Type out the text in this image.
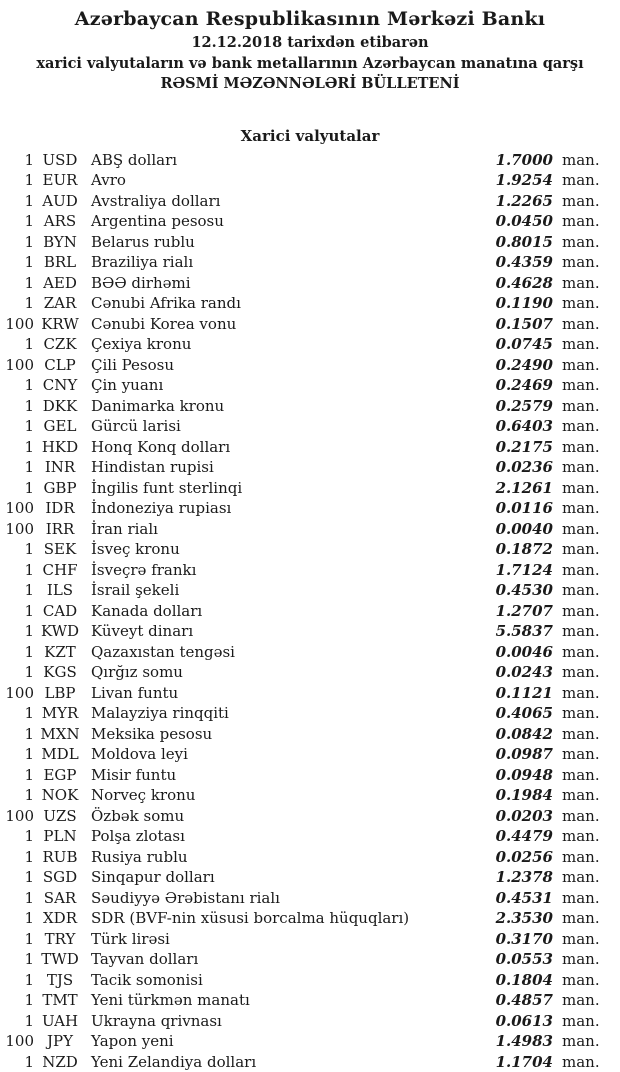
Azərbaycan Respublikasının Mərkəzi Bankı
12.12.2018 tarixdən etibarən
xarici valyutaların və bank metallarının Azərbaycan manatına qarşı
RƏSMİ MƏZƏNNƏLƏRİ BÜLLETENİ
Xarici valyutalar
1 USD ABŞ dolları	1.7000 man.
1 EUR Avro	1.9254 man.
1 AUD Avstraliya dolları	1.2265 man.
1 ARS Argentina pesosu	0.0450 man.
1 BYN Belarus rublu	0.8015 man.
1 BRL Braziliya rialı	0.4359 man.
1 AED BƏƏ dirhəmi	0.4628 man.
1 ZAR Cənubi Afrika randı	0.1190 man.
100 KRW Cənubi Korea vonu	0.1507 man.
1 CZK Çexiya kronu	0.0745 man.
100 CLP	Çili Pesosu	0.2490 man.
1 CNY Çin yuanı	0.2469 man.
1 DKK Danimarka kronu	0.2579 man.
1 GEL Gürcü larisi	0.6403 man.
1 HKD Honq Konq dolları	0.2175 man.
1 INR	Hindistan rupisi	0.0236 man.
1 GBP İngilis funt sterlinqi	2.1261 man.
100 IDR	İndoneziya rupiası	0.0116 man.
100 IRR	İran rialı	0.0040 man.
1 SEK İsveç kronu	0.1872 man.
1 CHF İsveçrə frankı	1.7124 man.
1 ILS	İsrail şekeli	0.4530 man.
1 CAD Kanada dolları	1.2707 man.
1 KWD Küveyt dinarı	5.5837 man.
1 KZT	Qazaxıstan tengəsi	0.0046 man.
1 KGS Qırğız somu	0.0243 man.
100 LBP	Livan funtu	0.1121 man.
1 MYR Malayziya rinqqiti	0.4065 man.
1 MXN Meksika pesosu	0.0842 man.
1 MDL Moldova leyi	0.0987 man.
1 EGP Misir funtu	0.0948 man.
1 NOK Norveç kronu	0.1984 man.
100 UZS Özbək somu	0.0203 man.
1 PLN Polşa zlotası	0.4479 man.
1 RUB Rusiya rublu	0.0256 man.
1 SGD Sinqapur dolları	1.2378 man.
1 SAR Səudiyyə Ərəbistanı rialı	0.4531 man.
1 XDR SDR (BVF-nin xüsusi borcalma hüquqları)	2.3530 man.
1 TRY	Türk lirəsi	0.3170 man.
1 TWD Tayvan dolları	0.0553 man.
1 TJS	Tacik somonisi	0.1804 man.
1 TMT Yeni türkmən manatı	0.4857 man.
1 UAH Ukrayna qrivnası	0.0613 man.
100 JPY	Yapon yeni	1.4983 man.
1 NZD Yeni Zelandiya dolları	1.1704 man.
